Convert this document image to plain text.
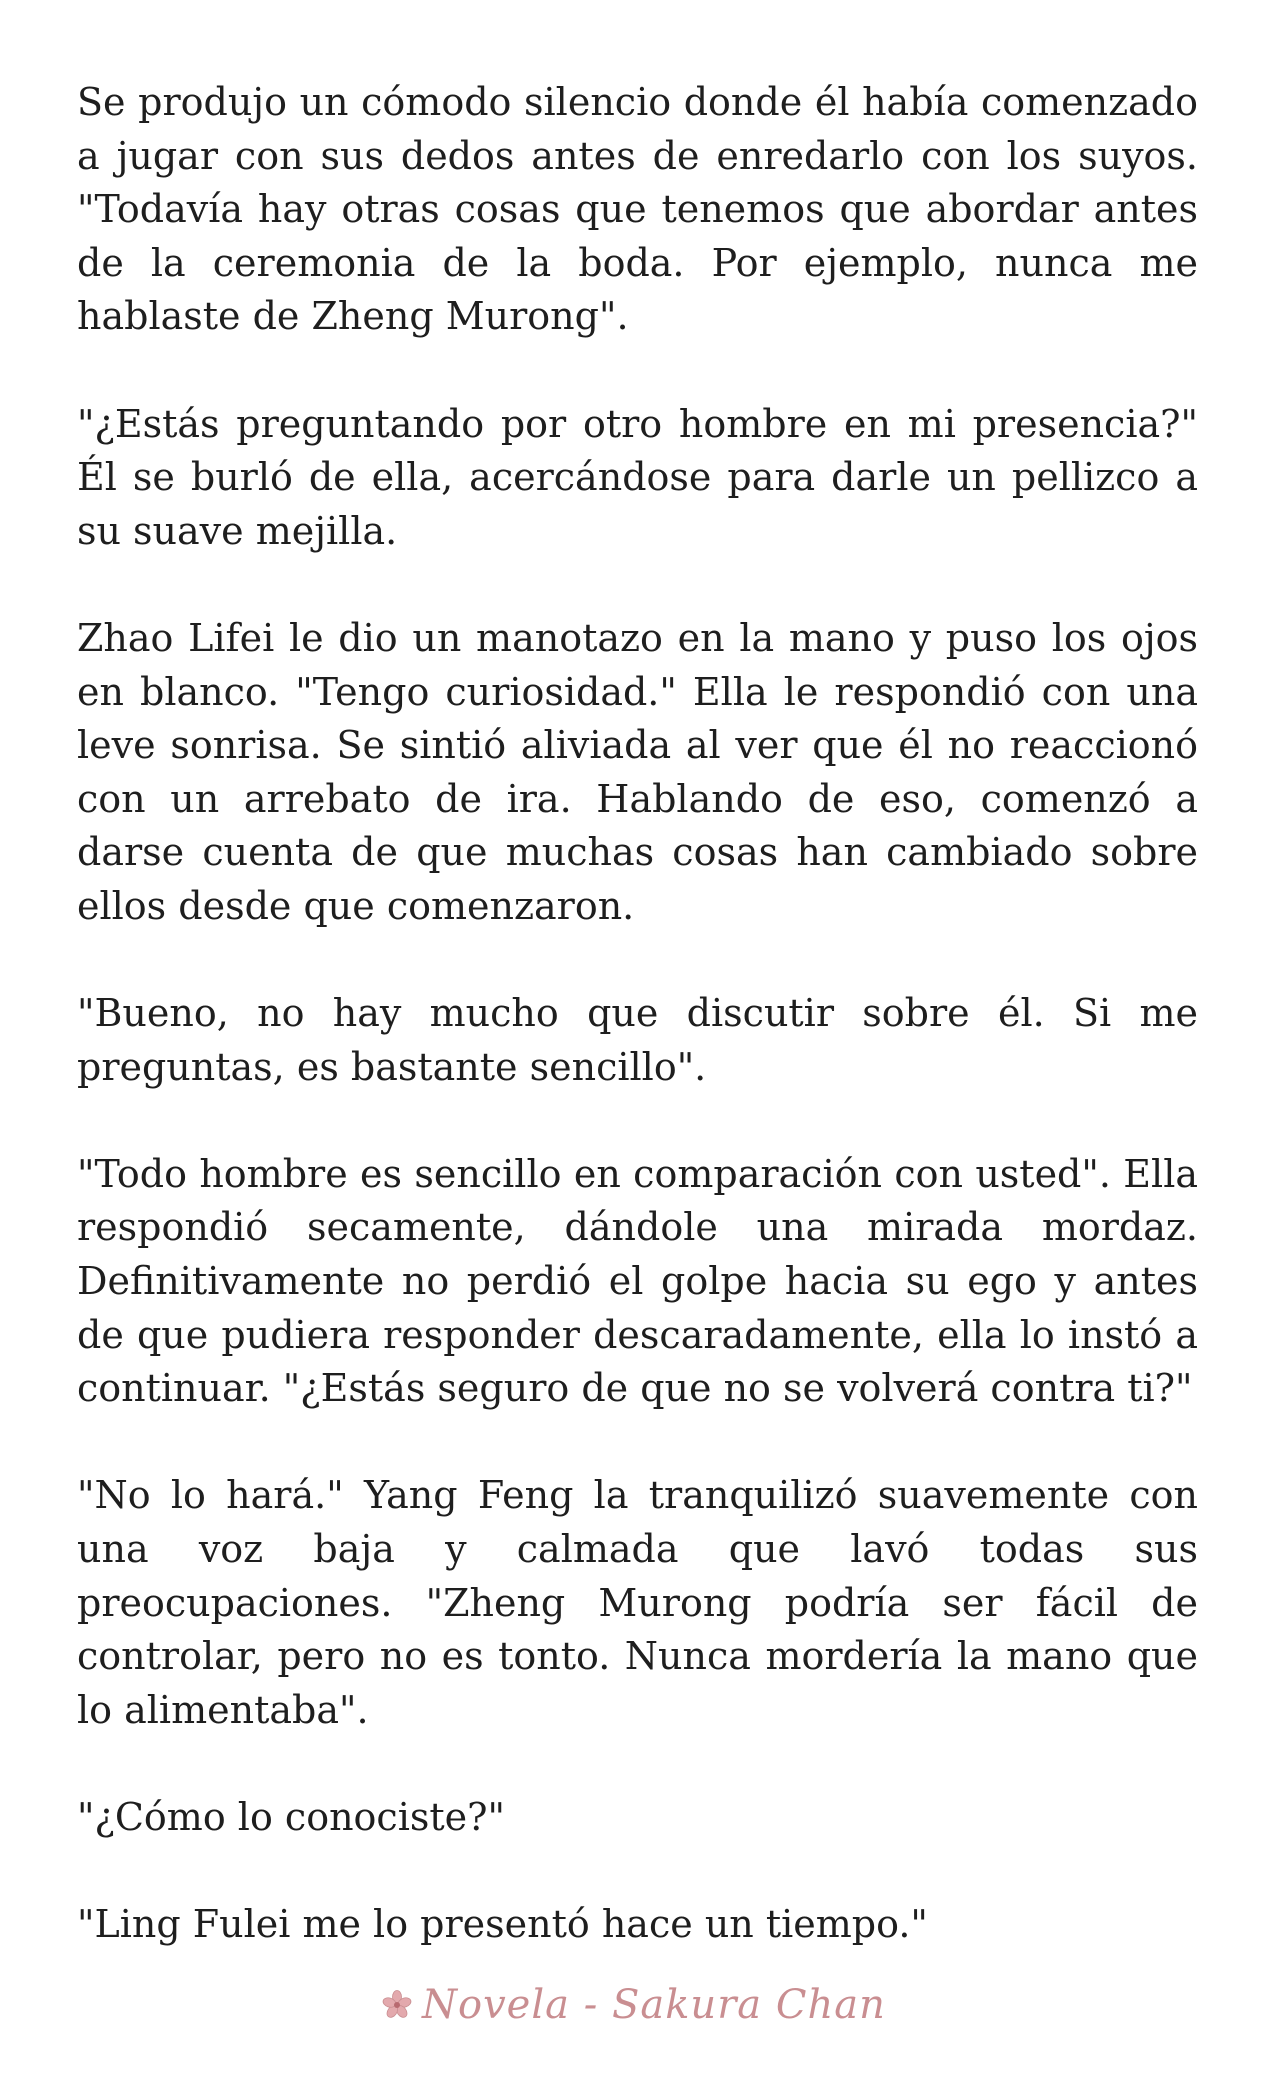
Se produjo un cómodo silencio donde él había comenzado a jugar con sus dedos antes de enredarlo con los suyos. "Todavía hay otras cosas que tenemos que abordar antes de la ceremonia de la boda. Por ejemplo, nunca me hablaste de Zheng Murong".

"¿Estás preguntando por otro hombre en mi presencia?" Él se burló de ella, acercándose para darle un pellizco a su suave mejilla.

Zhao Lifei le dio un manotazo en la mano y puso los ojos en blanco. "Tengo curiosidad." Ella le respondió con una leve sonrisa. Se sintió aliviada al ver que él no reaccionó con un arrebato de ira. Hablando de eso, comenzó a darse cuenta de que muchas cosas han cambiado sobre ellos desde que comenzaron.

"Bueno, no hay mucho que discutir sobre él. Si me preguntas, es bastante sencillo".

"Todo hombre es sencillo en comparación con usted". Ella respondió secamente, dándole una mirada mordaz. Definitivamente no perdió el golpe hacia su ego y antes de que pudiera responder descaradamente, ella lo instó a continuar. "¿Estás seguro de que no se volverá contra ti?"

"No lo hará." Yang Feng la tranquilizó suavemente con una voz baja y calmada que lavó todas sus preocupaciones. "Zheng Murong podría ser fácil de controlar, pero no es tonto. Nunca mordería la mano que lo alimentaba".

"¿Cómo lo conociste?"

"Ling Fulei me lo presentó hace un tiempo."

Novela - Sakura Chan
